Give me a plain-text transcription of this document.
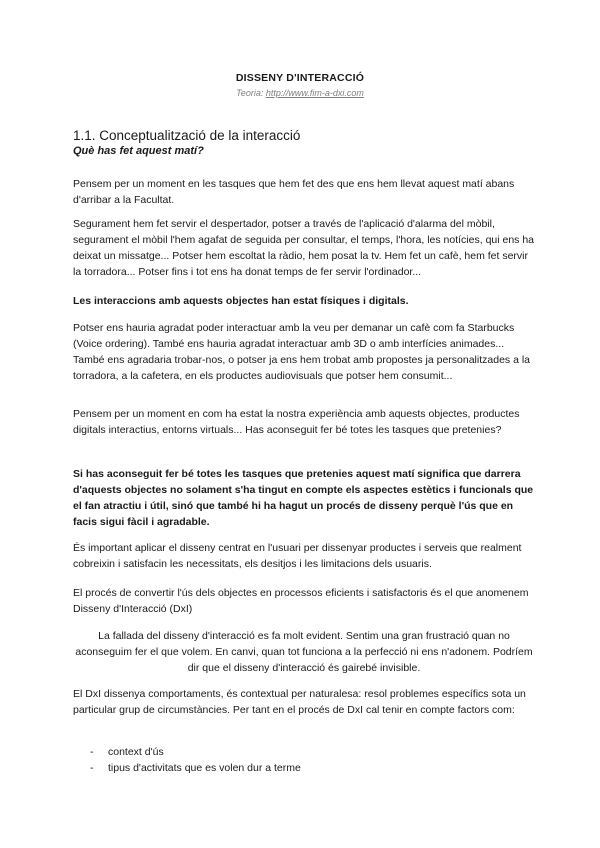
DISSENY D'INTERACCIÓ
Teoria: http://www.fim-a-dxi.com
1.1. Conceptualització de la interacció
Què has fet aquest matí?

Pensem per un moment en les tasques que hem fet des que ens hem llevat aquest matí abans d'arribar a la Facultat.

Segurament hem fet servir el despertador, potser a través de l'aplicació d'alarma del mòbil, segurament el mòbil l'hem agafat de seguida per consultar, el temps, l'hora, les notícies, qui ens ha deixat un missatge... Potser hem escoltat la ràdio, hem posat la tv. Hem fet un cafè, hem fet servir la torradora... Potser fins i tot ens ha donat temps de fer servir l'ordinador...

Les interaccions amb aquests objectes han estat físiques i digitals.

Potser ens hauria agradat poder interactuar amb la veu per demanar un cafè com fa Starbucks (Voice ordering). També ens hauria agradat interactuar amb 3D o amb interfícies animades... També ens agradaria trobar-nos, o potser ja ens hem trobat amb propostes ja personalitzades a la torradora, a la cafetera, en els productes audiovisuals que potser hem consumit...

Pensem per un moment en com ha estat la nostra experiència amb aquests objectes, productes digitals interactius, entorns virtuals... Has aconseguit fer bé totes les tasques que pretenies?

Si has aconseguit fer bé totes les tasques que pretenies aquest matí significa que darrera d'aquests objectes no solament s'ha tingut en compte els aspectes estètics i funcionals que el fan atractiu i útil, sinó que també hi ha hagut un procés de disseny perquè l'ús que en facis sigui fàcil i agradable.

És important aplicar el disseny centrat en l'usuari per dissenyar productes i serveis que realment cobreixin i satisfacin les necessitats, els desitjos i les limitacions dels usuaris.

El procés de convertir l'ús dels objectes en processos eficients i satisfactoris és el que anomenem Disseny d'Interacció (DxI)

La fallada del disseny d'interacció es fa molt evident. Sentim una gran frustració quan no aconseguim fer el que volem. En canvi, quan tot funciona a la perfecció ni ens n'adonem. Podríem dir que el disseny d'interacció és gairebé invisible.

El DxI dissenya comportaments, és contextual per naturalesa: resol problemes específics sota un particular grup de circumstàncies. Per tant en el procés de DxI cal tenir en compte factors com:

- context d'ús
- tipus d'activitats que es volen dur a terme
